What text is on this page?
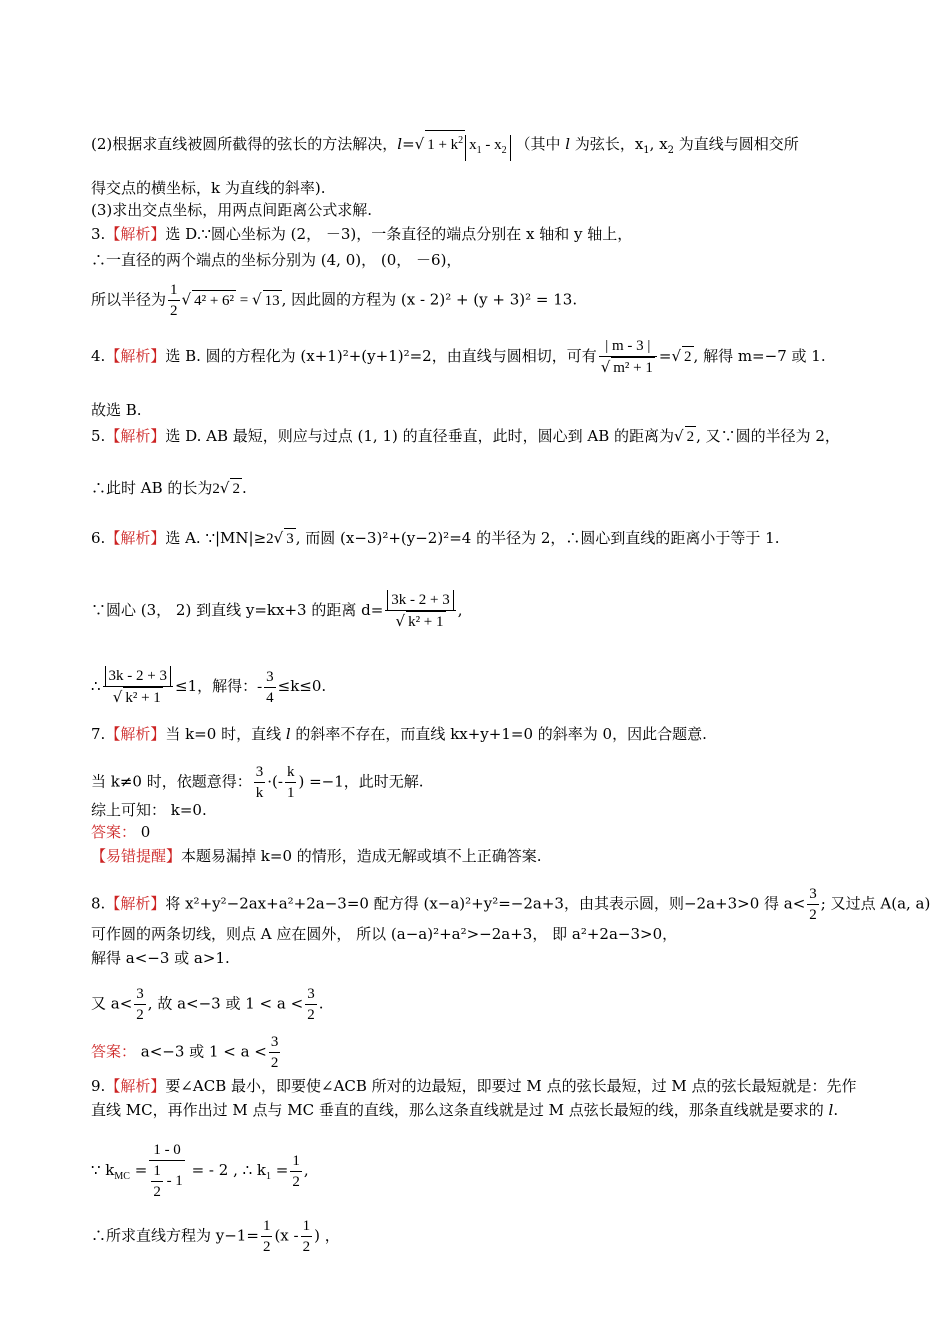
(2)根据求直线被圆所截得的弦长的方法解决，l=√ $1 + k^2$ $x_1 - x_2$ （其中 l 为弦长，$x_1$, $x_2$ 为直线与圆相交所
得交点的横坐标，k 为直线的斜率).
(3)求出交点坐标，用两点间距离公式求解.
3.【解析】选 D.∵圆心坐标为 (2， －3)，一条直径的端点分别在 x 轴和 y 轴上，
∴一直径的两个端点的坐标分别为 (4, 0)， (0， －6)，
所以半径为 $\frac{1}{2}$ √ 4² + 6² = √ 13 , 因此圆的方程为 (x - 2)² + (y + 3)² = 13.
4.【解析】选 B. 圆的方程化为 (x+1)²+(y+1)²=2，由直线与圆相切，可有 $\frac{| m - 3 |}{\text{√ m² + 1}}$ =√ 2 , 解得 m=−7 或 1.
故选 B.
5.【解析】选 D. AB 最短，则应与过点 (1, 1) 的直径垂直，此时，圆心到 AB 的距离为√ 2 , 又∵圆的半径为 2，
∴此时 AB 的长为2√ 2 .
6.【解析】选 A. ∵|MN|≥2√ 3 , 而圆 (x−3)²+(y−2)²=4 的半径为 2，∴圆心到直线的距离小于等于 1.
∵圆心 (3， 2) 到直线 y=kx+3 的距离 $d= \frac{3k - 2 + 3}{\text{√ k² + 1}}$ ,
∴ $\frac{3k - 2 + 3}{\text{√ k² + 1}} \le 1$，解得：- $\frac{3}{4} \le k\le 0$.
7.【解析】当 k=0 时，直线 l 的斜率不存在，而直线 kx+y+1=0 的斜率为 0，因此合题意.
当 k≠0 时，依题意得： $\frac{3}{k}$ ·(- $\frac{k}{1}$ ) =−1，此时无解.
综上可知： k=0.
答案： 0
【易错提醒】本题易漏掉 k=0 的情形，造成无解或填不上正确答案.
8.【解析】将 x²+y²−2ax+a²+2a−3=0 配方得 (x−a)²+y²=−2a+3，由其表示圆，则−2a+3>0 得 $a< \frac{3}{2}$ ; 又过点 A(a, a)
可作圆的两条切线，则点 A 应在圆外， 所以 (a−a)²+a²>−2a+3， 即 a²+2a−3>0，
解得 a<−3 或 a>1.
又 $a< \frac{3}{2}$ , 故 a<−3 或 $1 < a < \frac{3}{2}$ .
答案： a<−3 或 $1 < a < \frac{3}{2}$
9.【解析】要∠ACB 最小，即要使∠ACB 所对的边最短，即要过 M 点的弦长最短，过 M 点的弦长最短就是：先作
直线 MC，再作出过 M 点与 MC 垂直的直线，那么这条直线就是过 M 点弦长最短的线，那条直线就是要求的 l.
∵ $k_{MC} = \frac{1 - 0}{\frac{1}{2} - 1}$ = - 2 , ∴ $k_1 = \frac{1}{2}$ ,
∴所求直线方程为 $y-1= \frac{1}{2} (x - \frac{1}{2}$ ) ，
